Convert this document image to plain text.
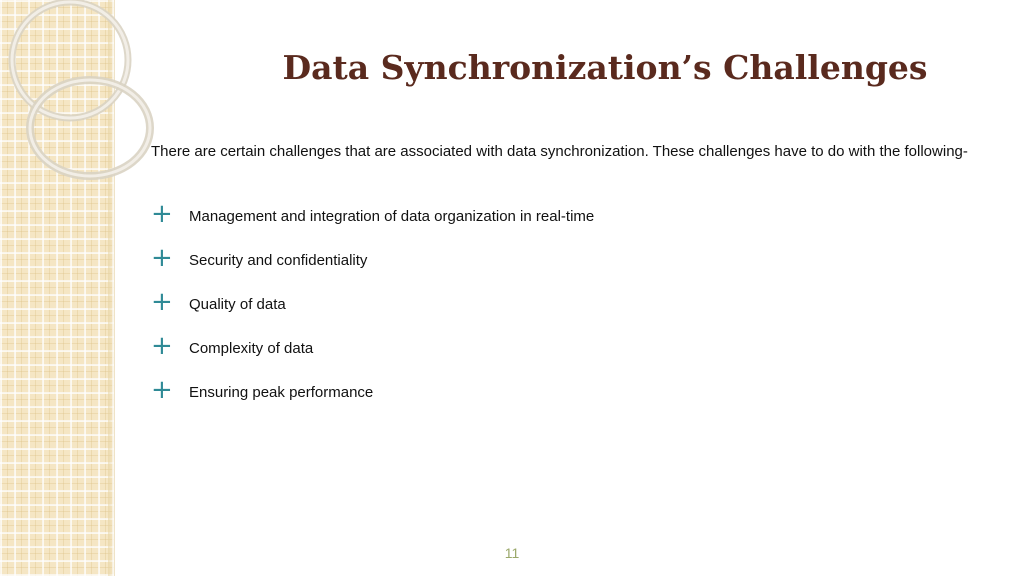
Data Synchronization’s Challenges
There are certain challenges that are associated with data synchronization. These challenges have to do with the following-
+	Management and integration of data organization in real-time
+	Security and confidentiality
+	Quality of data
+	Complexity of data
+	Ensuring peak performance
11
